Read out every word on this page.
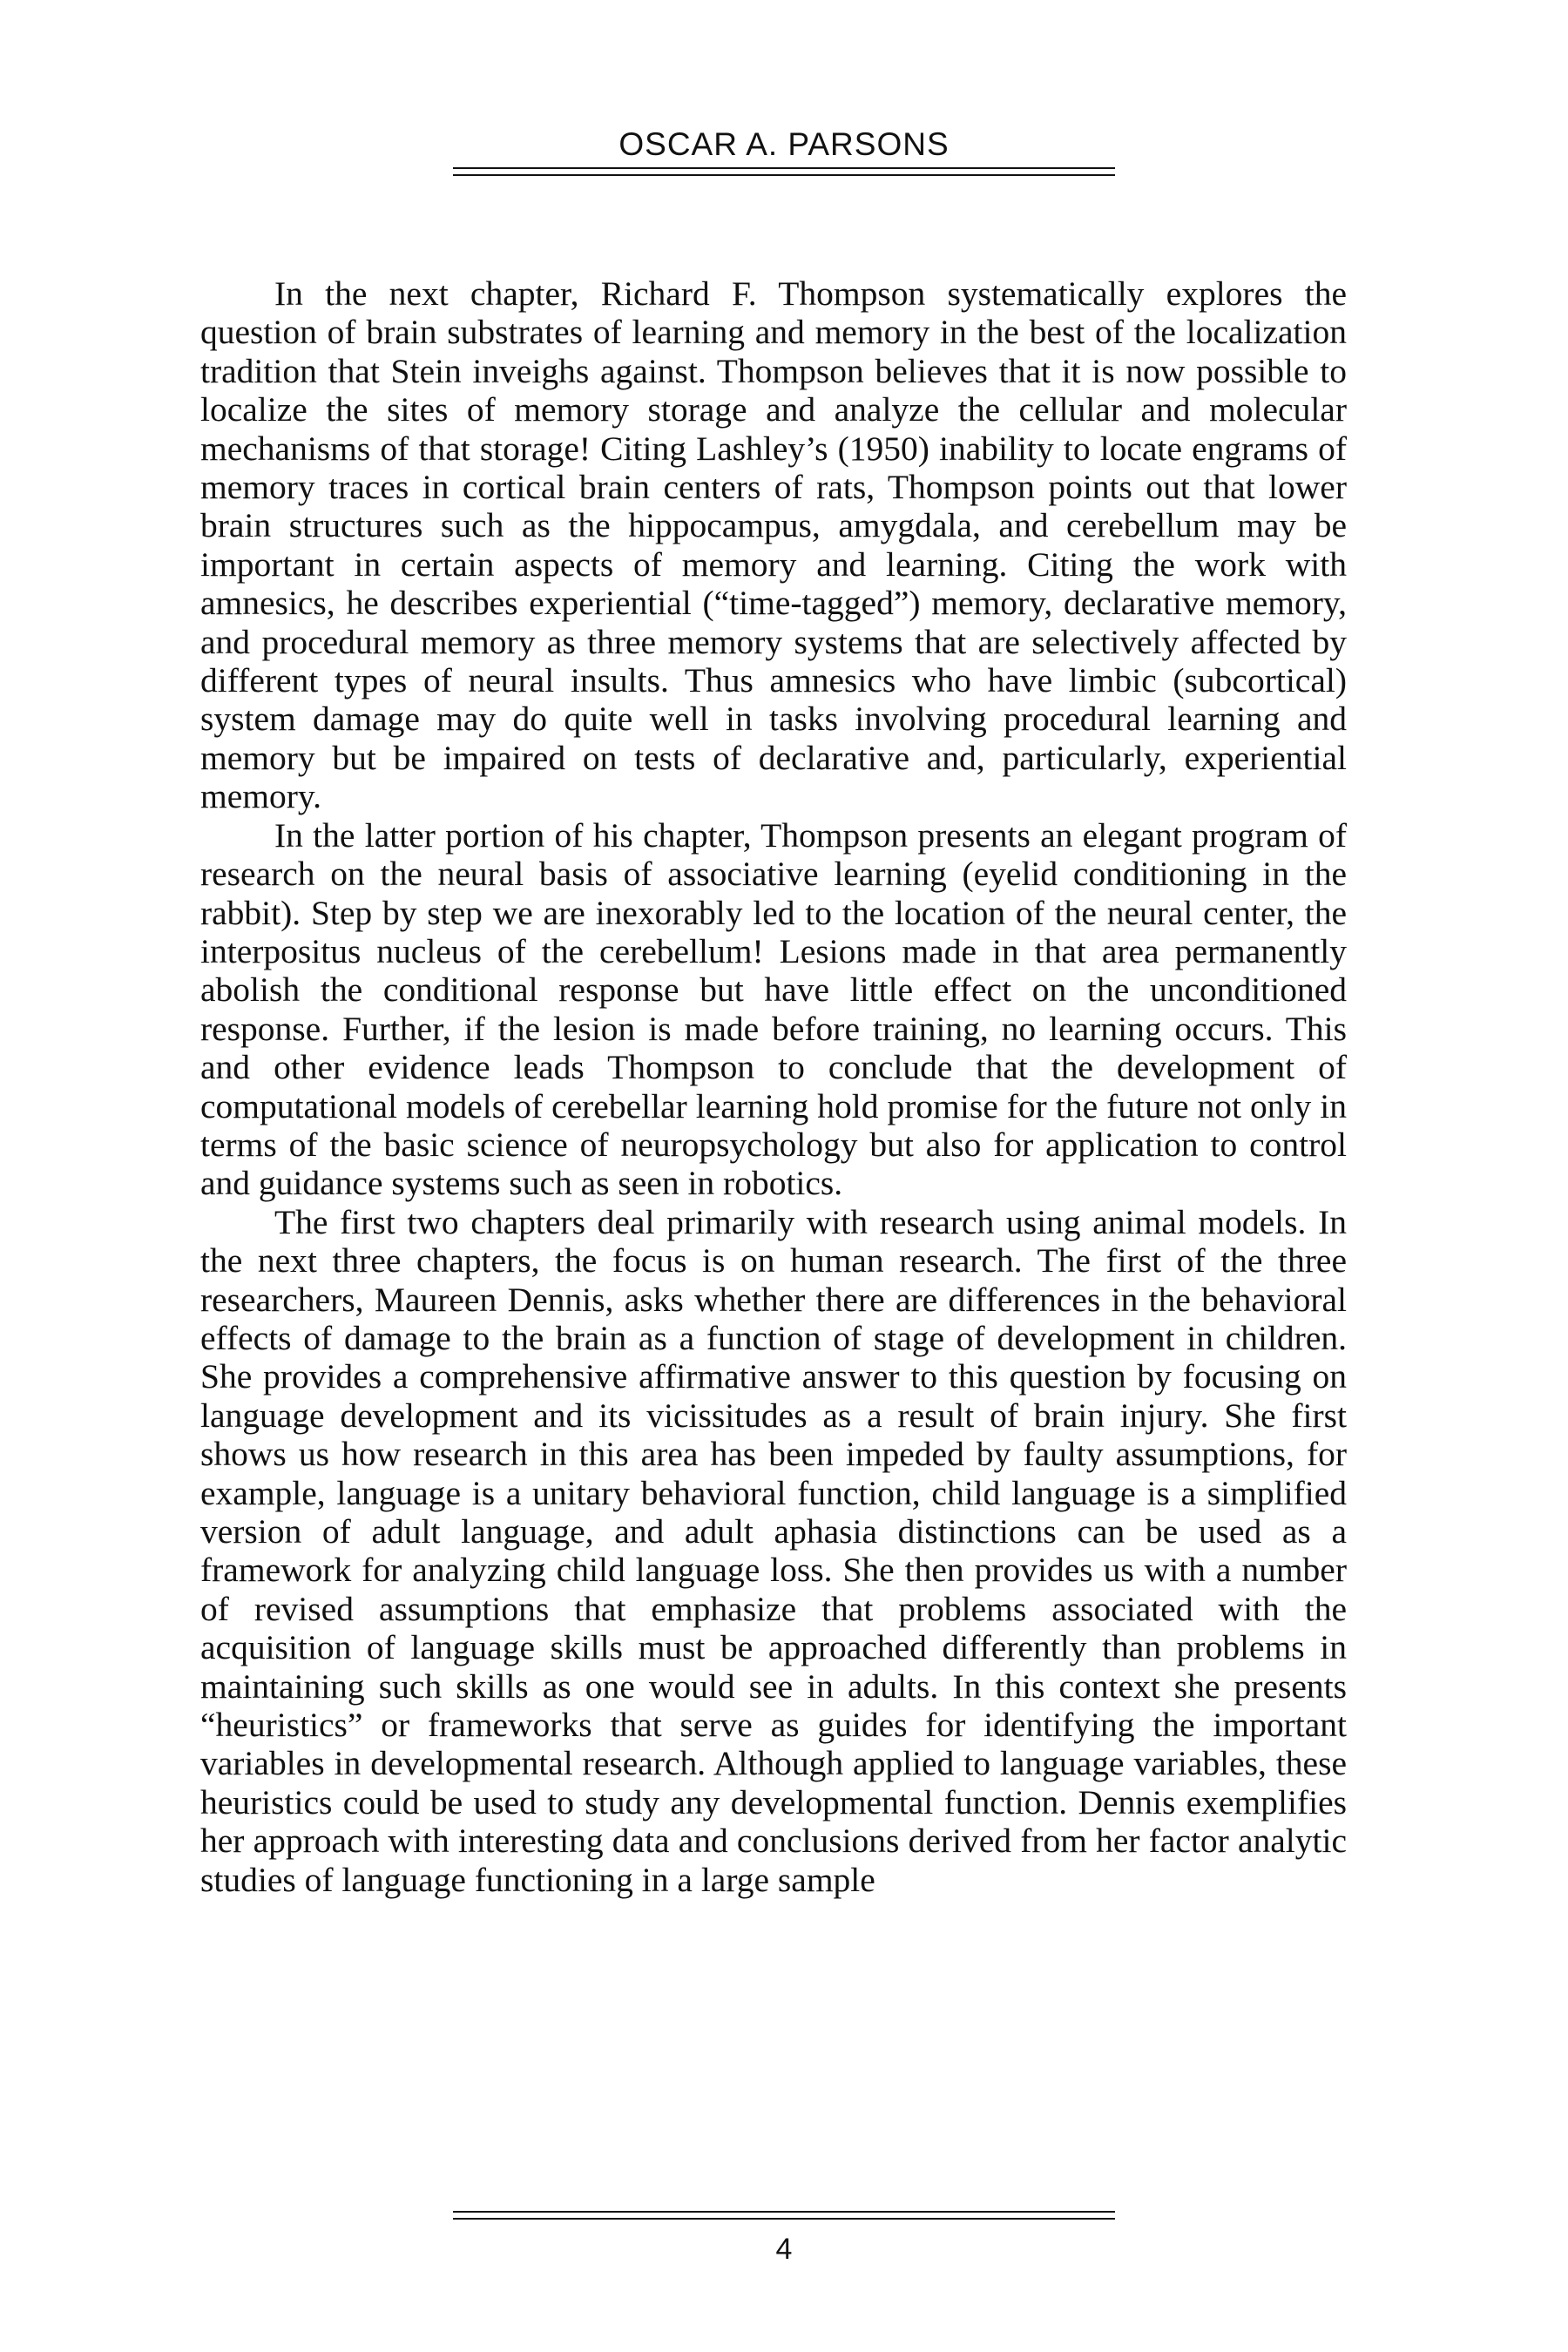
OSCAR A. PARSONS

In the next chapter, Richard F. Thompson systematically explores the question of brain substrates of learning and memory in the best of the localization tradition that Stein inveighs against. Thompson believes that it is now possible to localize the sites of memory storage and analyze the cellular and molecular mechanisms of that storage! Citing Lashley’s (1950) inability to locate engrams of memory traces in cortical brain centers of rats, Thompson points out that lower brain structures such as the hippocampus, amygdala, and cerebellum may be important in certain aspects of memory and learning. Citing the work with amnesics, he describes experiential (“time-tagged”) memory, declarative memory, and procedural memory as three memory systems that are selectively affected by different types of neural insults. Thus amnesics who have limbic (subcortical) system damage may do quite well in tasks involving procedural learning and memory but be impaired on tests of declarative and, particularly, experiential memory.

In the latter portion of his chapter, Thompson presents an elegant program of research on the neural basis of associative learning (eyelid conditioning in the rabbit). Step by step we are inexorably led to the location of the neural center, the interpositus nucleus of the cerebellum! Lesions made in that area permanently abolish the conditional response but have little effect on the unconditioned response. Further, if the lesion is made before training, no learning occurs. This and other evidence leads Thompson to conclude that the development of computational models of cerebellar learning hold promise for the future not only in terms of the basic science of neuropsychology but also for application to control and guidance systems such as seen in robotics.

The first two chapters deal primarily with research using animal models. In the next three chapters, the focus is on human research. The first of the three researchers, Maureen Dennis, asks whether there are differences in the behavioral effects of damage to the brain as a function of stage of development in children. She provides a comprehensive affirmative answer to this question by focusing on language development and its vicissitudes as a result of brain injury. She first shows us how research in this area has been impeded by faulty assumptions, for example, language is a unitary behavioral function, child language is a simplified version of adult language, and adult aphasia distinctions can be used as a framework for analyzing child language loss. She then provides us with a number of revised assumptions that emphasize that problems associated with the acquisition of language skills must be approached differently than problems in maintaining such skills as one would see in adults. In this context she presents “heuristics” or frameworks that serve as guides for identifying the important variables in developmental research. Although applied to language variables, these heuristics could be used to study any developmental function. Dennis exemplifies her approach with interesting data and conclusions derived from her factor analytic studies of language functioning in a large sample

4
